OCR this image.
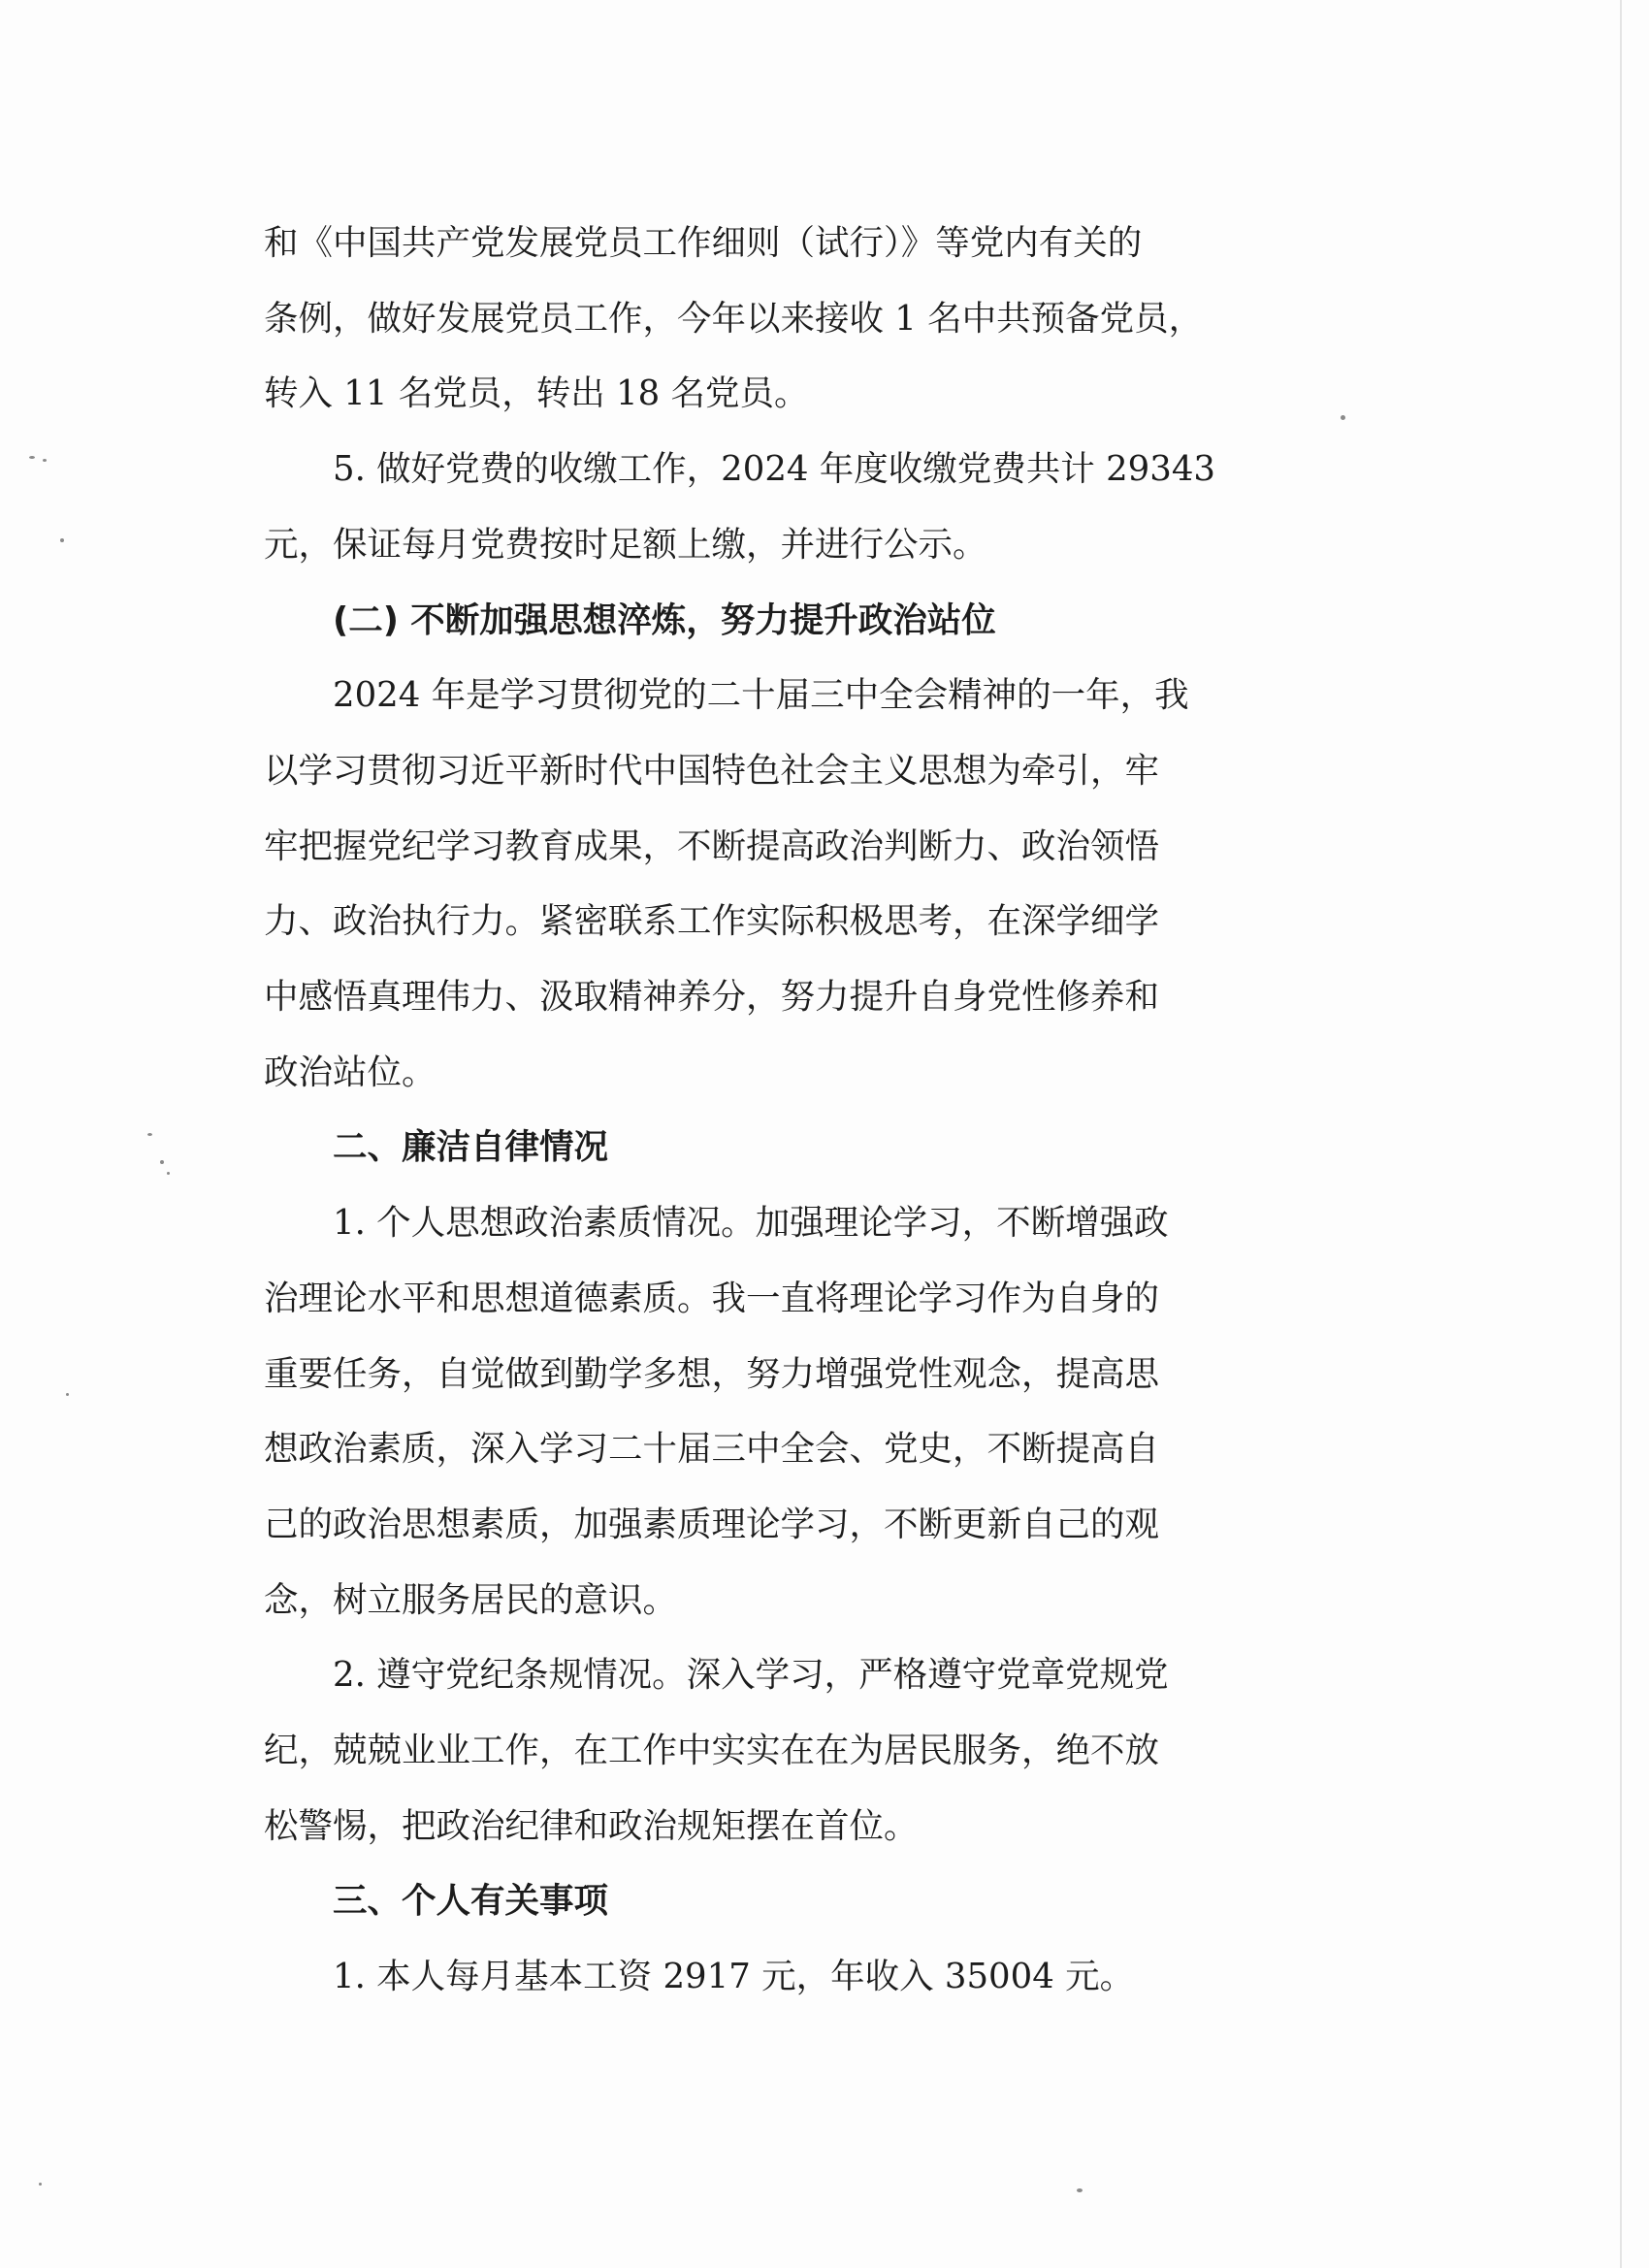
和《中国共产党发展党员工作细则（试行）》等党内有关的
条例，做好发展党员工作，今年以来接收 1 名中共预备党员，
转入 11 名党员，转出 18 名党员。

5. 做好党费的收缴工作，2024 年度收缴党费共计 29343
元，保证每月党费按时足额上缴，并进行公示。

(二) 不断加强思想淬炼，努力提升政治站位

2024 年是学习贯彻党的二十届三中全会精神的一年，我
以学习贯彻习近平新时代中国特色社会主义思想为牵引，牢
牢把握党纪学习教育成果，不断提高政治判断力、政治领悟
力、政治执行力。紧密联系工作实际积极思考，在深学细学
中感悟真理伟力、汲取精神养分，努力提升自身党性修养和
政治站位。

二、廉洁自律情况

1. 个人思想政治素质情况。加强理论学习，不断增强政
治理论水平和思想道德素质。我一直将理论学习作为自身的
重要任务，自觉做到勤学多想，努力增强党性观念，提高思
想政治素质，深入学习二十届三中全会、党史，不断提高自
己的政治思想素质，加强素质理论学习，不断更新自己的观
念，树立服务居民的意识。

2. 遵守党纪条规情况。深入学习，严格遵守党章党规党
纪，兢兢业业工作，在工作中实实在在为居民服务，绝不放
松警惕，把政治纪律和政治规矩摆在首位。

三、个人有关事项

1. 本人每月基本工资 2917 元，年收入 35004 元。
